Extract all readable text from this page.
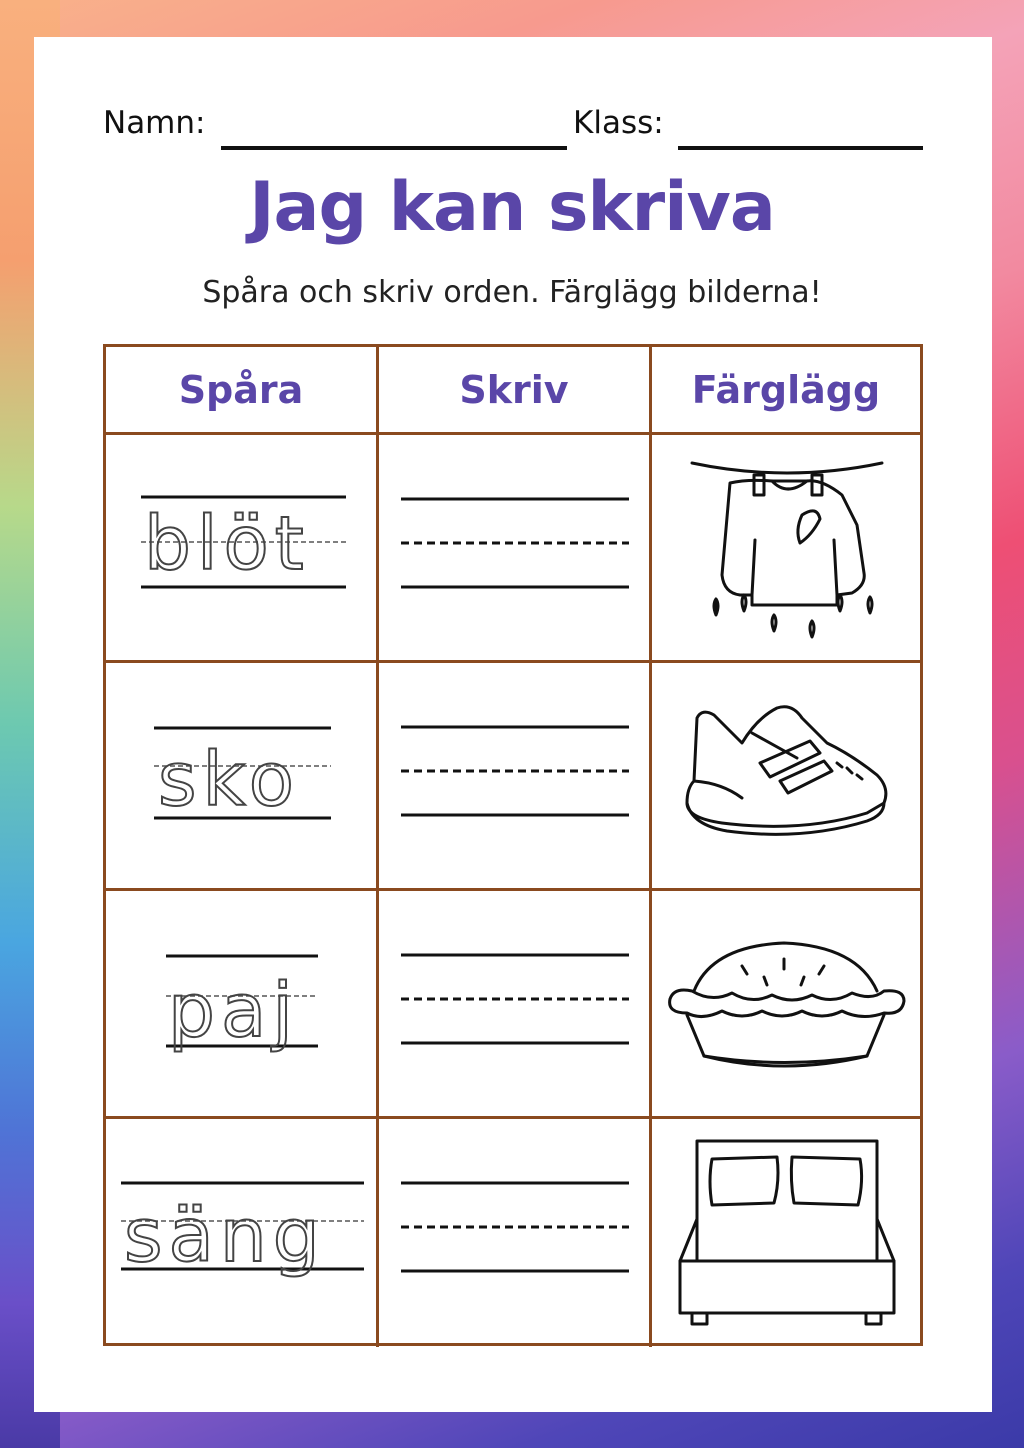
Namn:	Klass:
Jag kan skriva
Spåra och skriv orden. Färglägg bilderna!
Spåra	Skriv	Färglägg
blöt
sko
paj
säng
